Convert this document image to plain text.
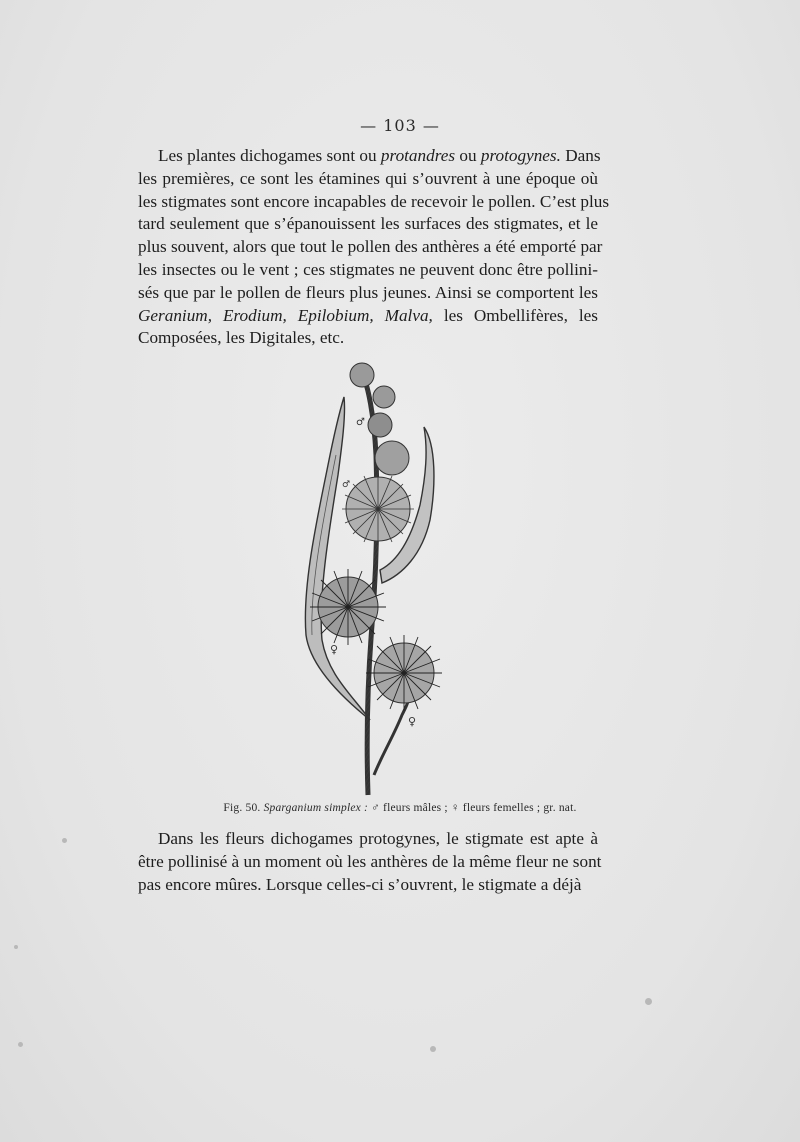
— 103 —
Les plantes dichogames sont ou protandres ou protogynes. Dans
les premières, ce sont les étamines qui s’ouvrent à une époque où
les stigmates sont encore incapables de recevoir le pollen. C’est plus
tard seulement que s’épanouissent les surfaces des stigmates, et le
plus souvent, alors que tout le pollen des anthères a été emporté par
les insectes ou le vent ; ces stigmates ne peuvent donc être pollini-
sés que par le pollen de fleurs plus jeunes. Ainsi se comportent les
Geranium, Erodium, Epilobium, Malva, les Ombellifères, les
Composées, les Digitales, etc.
♂
♂
♀
♀
Fig. 50. Sparganium simplex : ♂ fleurs mâles ; ♀ fleurs femelles ; gr. nat.
Dans les fleurs dichogames protogynes, le stigmate est apte à
être pollinisé à un moment où les anthères de la même fleur ne sont
pas encore mûres. Lorsque celles-ci s’ouvrent, le stigmate a déjà
